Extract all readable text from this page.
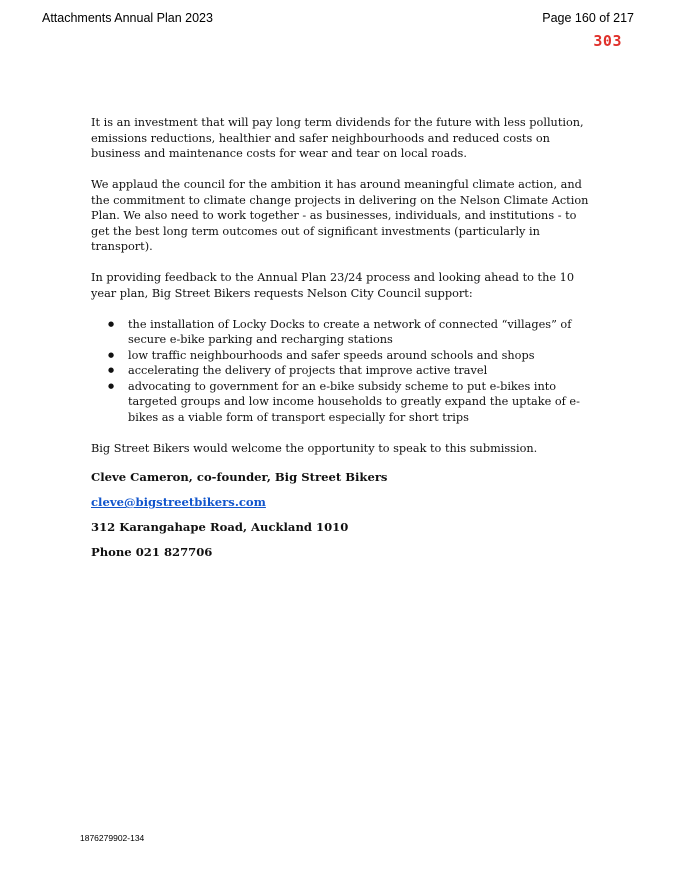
Attachments Annual Plan 2023	Page 160 of 217
303

It is an investment that will pay long term dividends for the future with less pollution, emissions reductions, healthier and safer neighbourhoods and reduced costs on business and maintenance costs for wear and tear on local roads.

We applaud the council for the ambition it has around meaningful climate action, and the commitment to climate change projects in delivering on the Nelson Climate Action Plan. We also need to work together - as businesses, individuals, and institutions - to get the best long term outcomes out of significant investments (particularly in transport).

In providing feedback to the Annual Plan 23/24 process and looking ahead to the 10 year plan, Big Street Bikers requests Nelson City Council support:

● the installation of Locky Docks to create a network of connected “villages” of secure e-bike parking and recharging stations
● low traffic neighbourhoods and safer speeds around schools and shops
● accelerating the delivery of projects that improve active travel
● advocating to government for an e-bike subsidy scheme to put e-bikes into targeted groups and low income households to greatly expand the uptake of e-bikes as a viable form of transport especially for short trips

Big Street Bikers would welcome the opportunity to speak to this submission.

Cleve Cameron, co-founder, Big Street Bikers
cleve@bigstreetbikers.com
312 Karangahape Road, Auckland 1010
Phone 021 827706
1876279902-134
